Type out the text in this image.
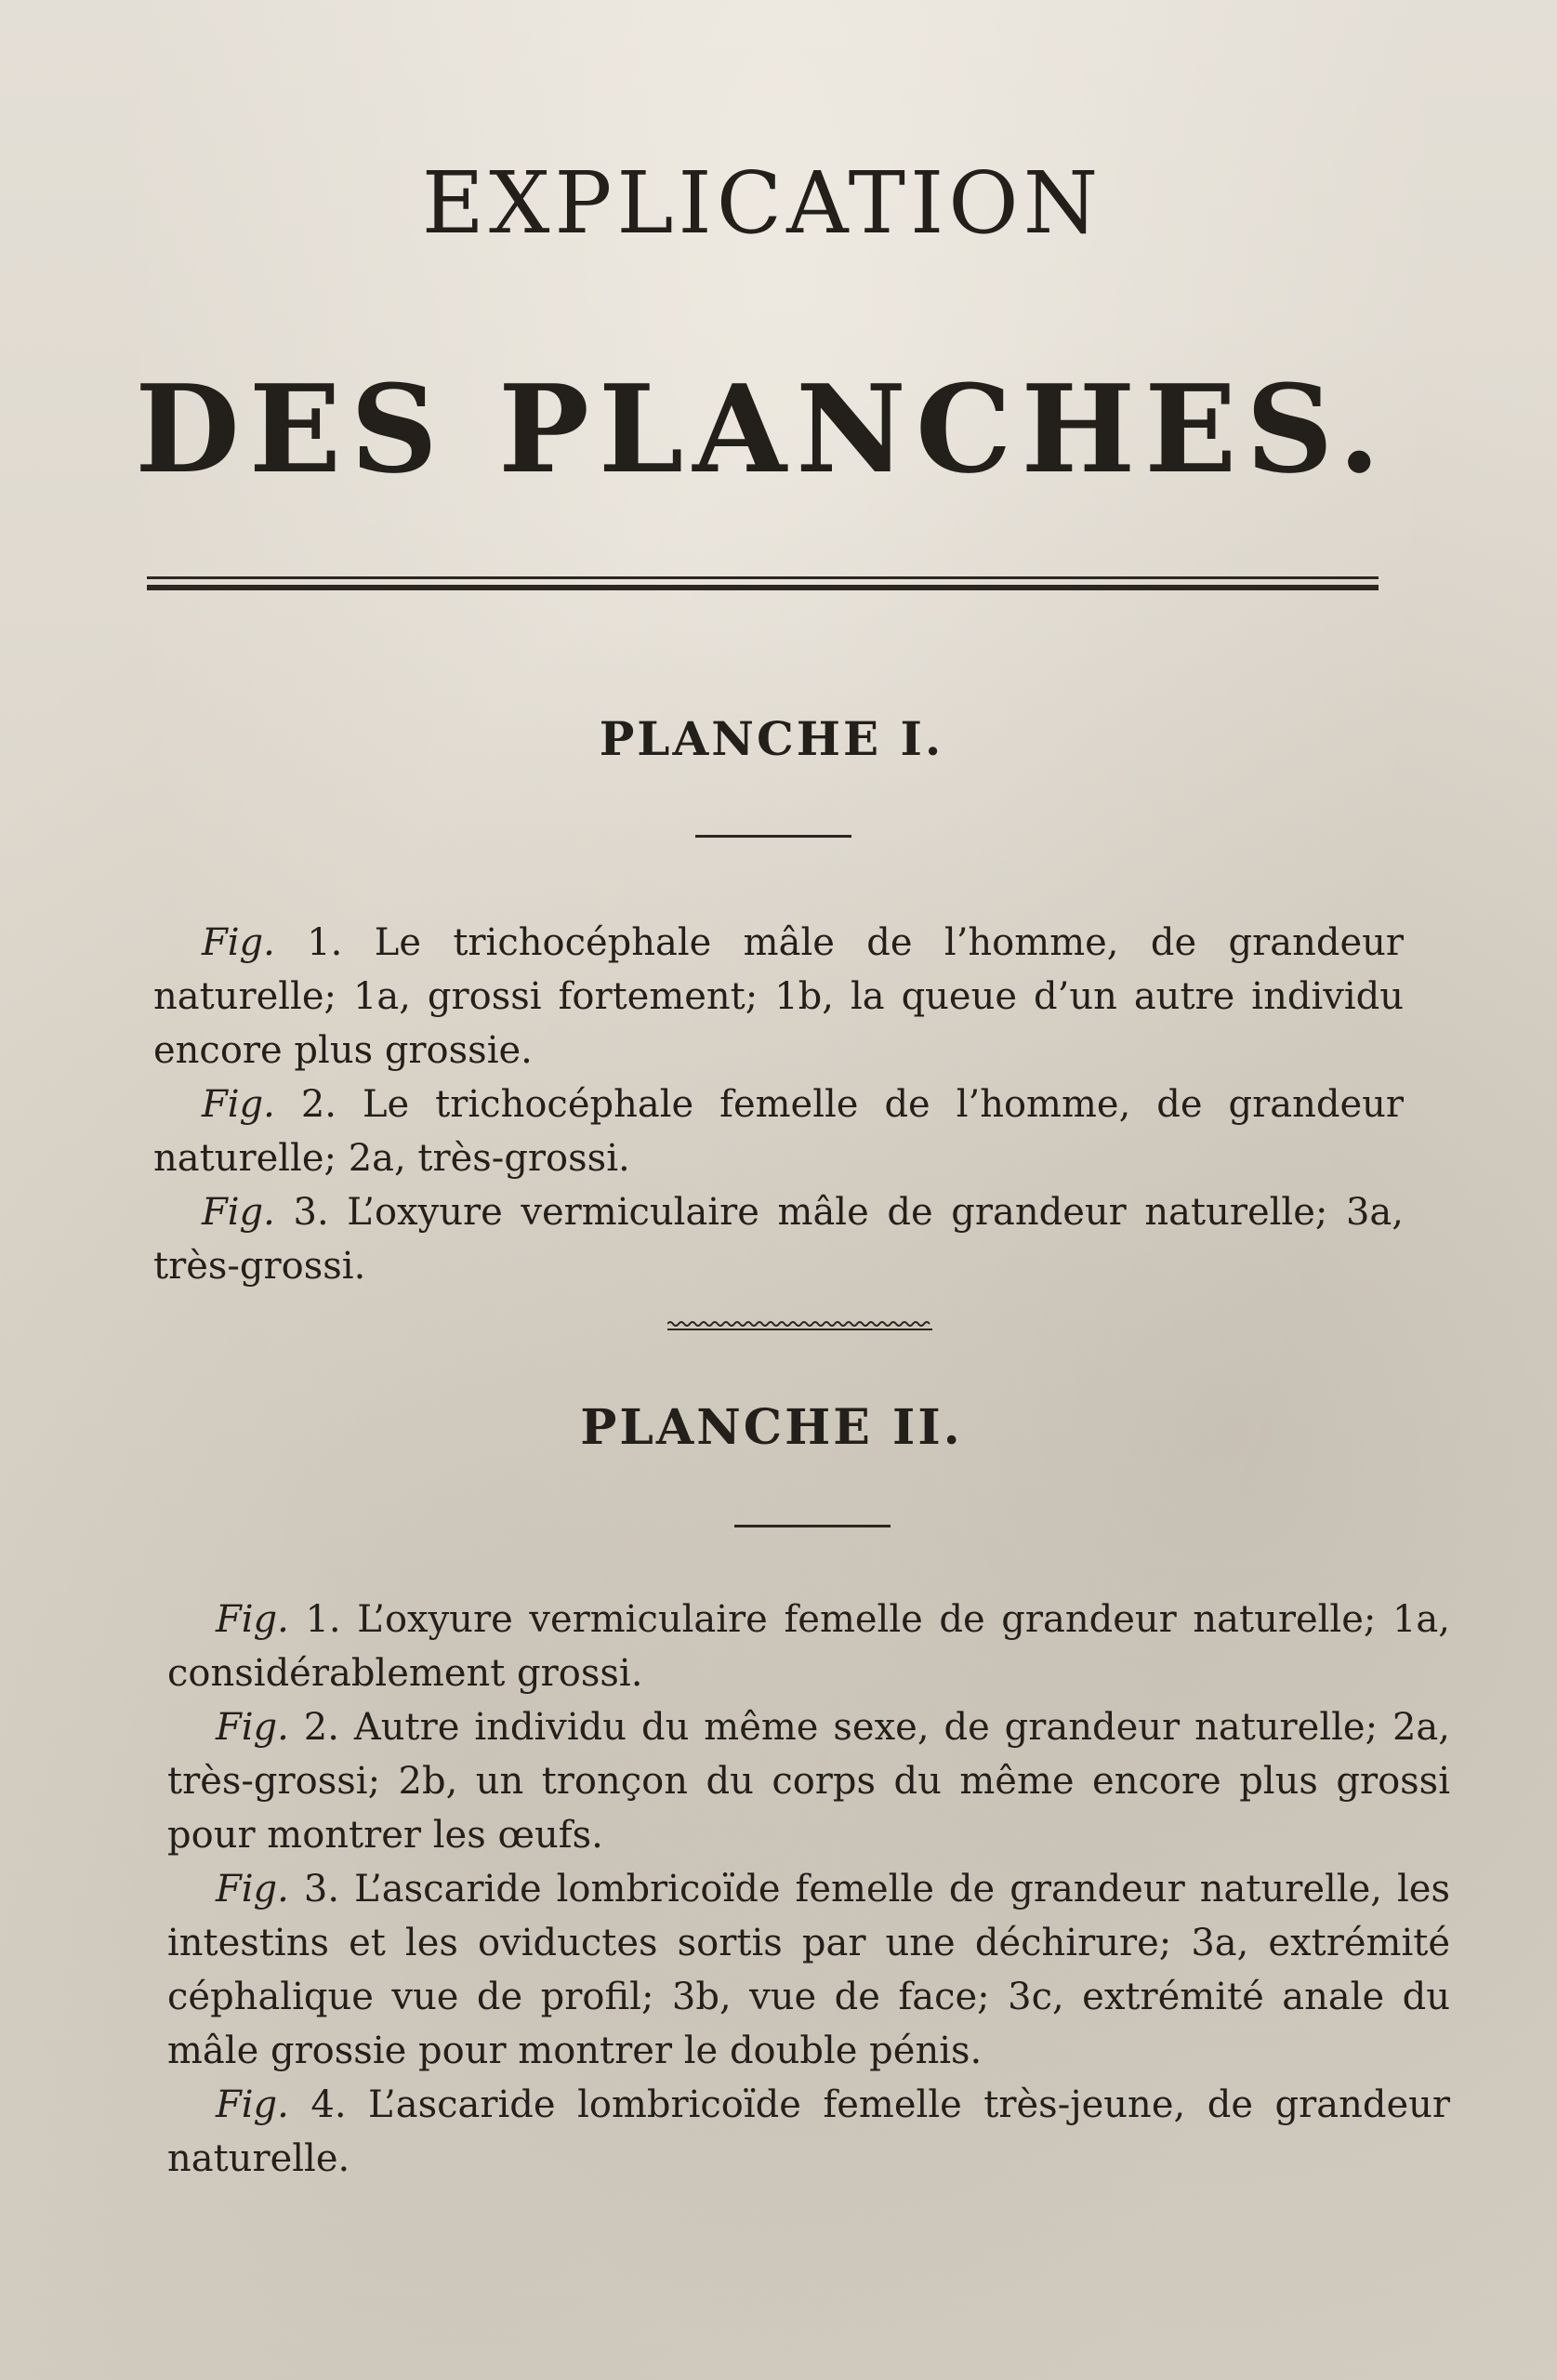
EXPLICATION
DES PLANCHES.
PLANCHE I.

Fig. 1. Le trichocéphale mâle de l’homme, de grandeur naturelle; 1a, grossi fortement; 1b, la queue d’un autre individu encore plus grossie.

Fig. 2. Le trichocéphale femelle de l’homme, de grandeur naturelle; 2a, très-grossi.

Fig. 3. L’oxyure vermiculaire mâle de grandeur naturelle; 3a, très-grossi.

PLANCHE II.

Fig. 1. L’oxyure vermiculaire femelle de grandeur naturelle; 1a, considérablement grossi.

Fig. 2. Autre individu du même sexe, de grandeur naturelle; 2a, très-grossi; 2b, un tronçon du corps du même encore plus grossi pour montrer les œufs.

Fig. 3. L’ascaride lombricoïde femelle de grandeur naturelle, les intestins et les oviductes sortis par une déchirure; 3a, extrémité céphalique vue de profil; 3b, vue de face; 3c, extrémité anale du mâle grossie pour montrer le double pénis.

Fig. 4. L’ascaride lombricoïde femelle très-jeune, de grandeur naturelle.
